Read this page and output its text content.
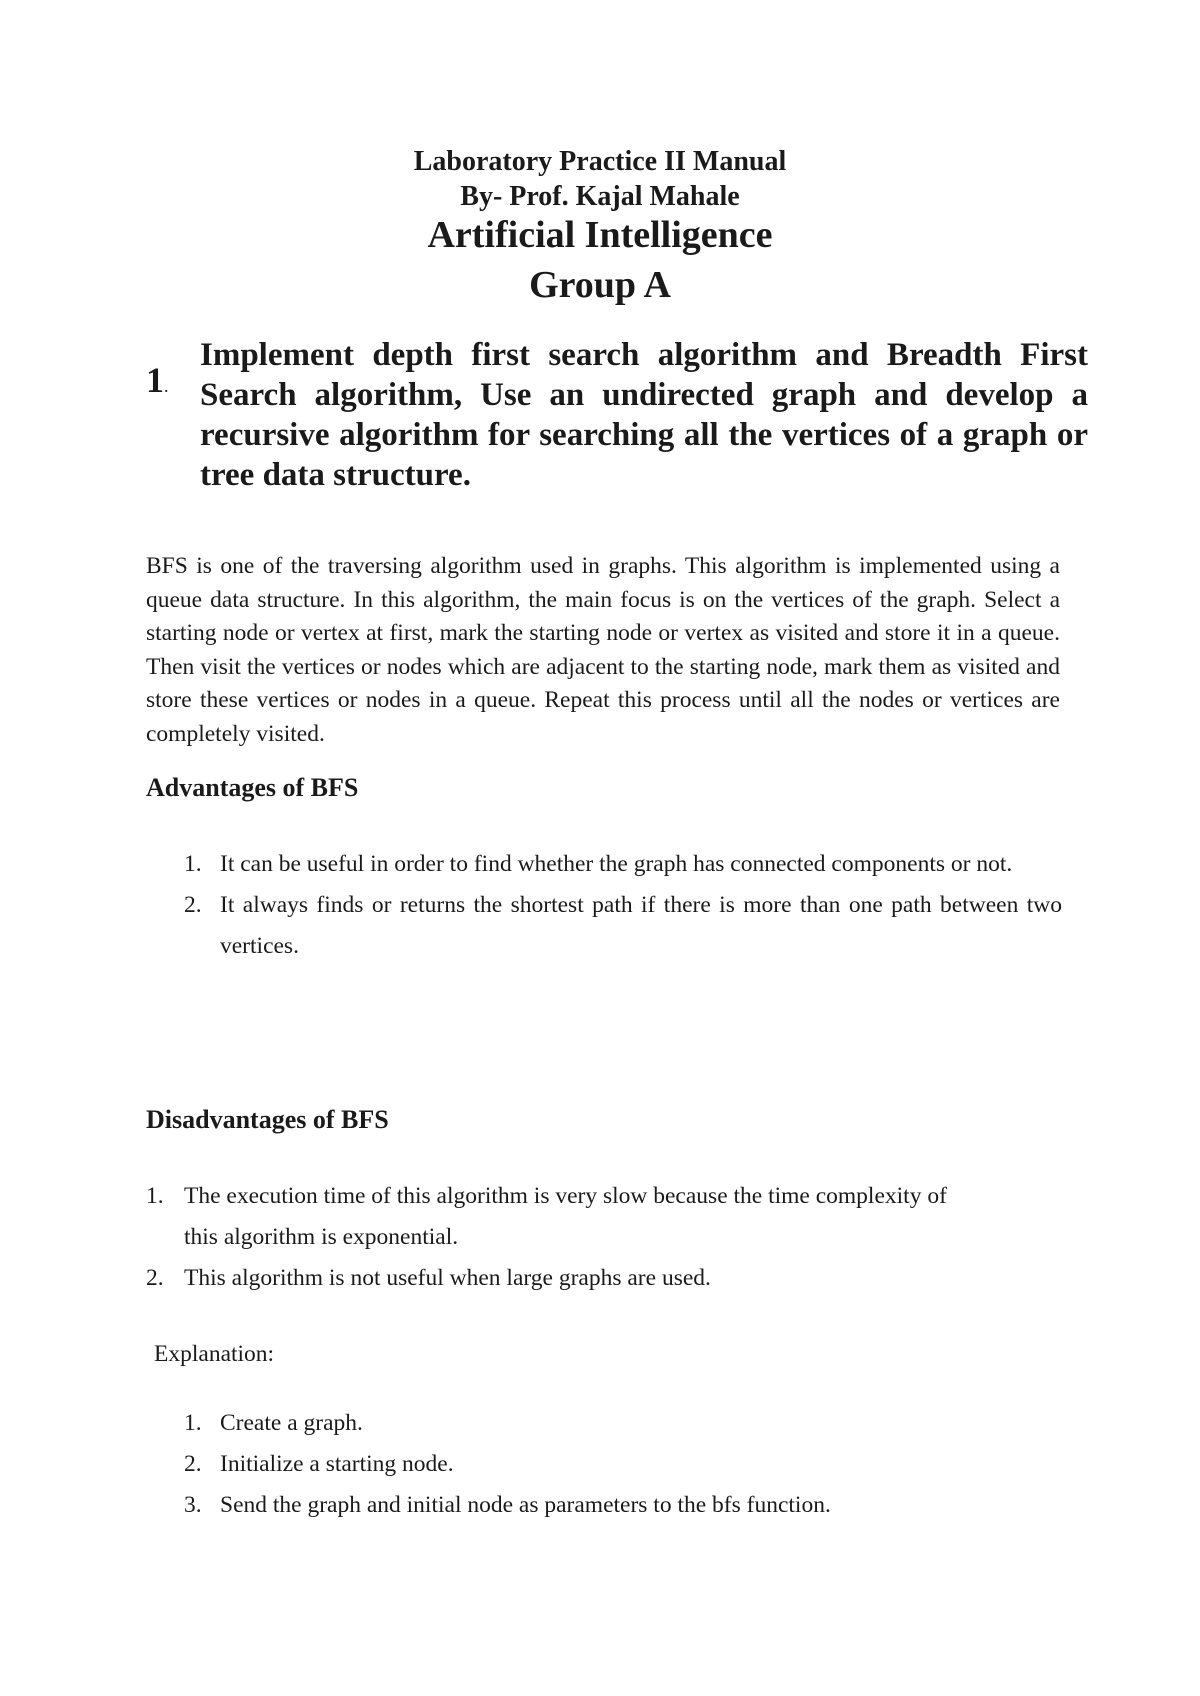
Laboratory Practice II Manual
By- Prof. Kajal Mahale
Artificial Intelligence
Group A
1.
Implement depth first search algorithm and Breadth First Search algorithm, Use an undirected graph and develop a recursive algorithm for searching all the vertices of a graph or tree data structure.
BFS is one of the traversing algorithm used in graphs. This algorithm is implemented using a queue data structure. In this algorithm, the main focus is on the vertices of the graph. Select a starting node or vertex at first, mark the starting node or vertex as visited and store it in a queue. Then visit the vertices or nodes which are adjacent to the starting node, mark them as visited and store these vertices or nodes in a queue. Repeat this process until all the nodes or vertices are completely visited.
Advantages of BFS
1. It can be useful in order to find whether the graph has connected components or not.
2. It always finds or returns the shortest path if there is more than one path between two vertices.
Disadvantages of BFS
1. The execution time of this algorithm is very slow because the time complexity of this algorithm is exponential.
2. This algorithm is not useful when large graphs are used.
Explanation:
1. Create a graph.
2. Initialize a starting node.
3. Send the graph and initial node as parameters to the bfs function.
